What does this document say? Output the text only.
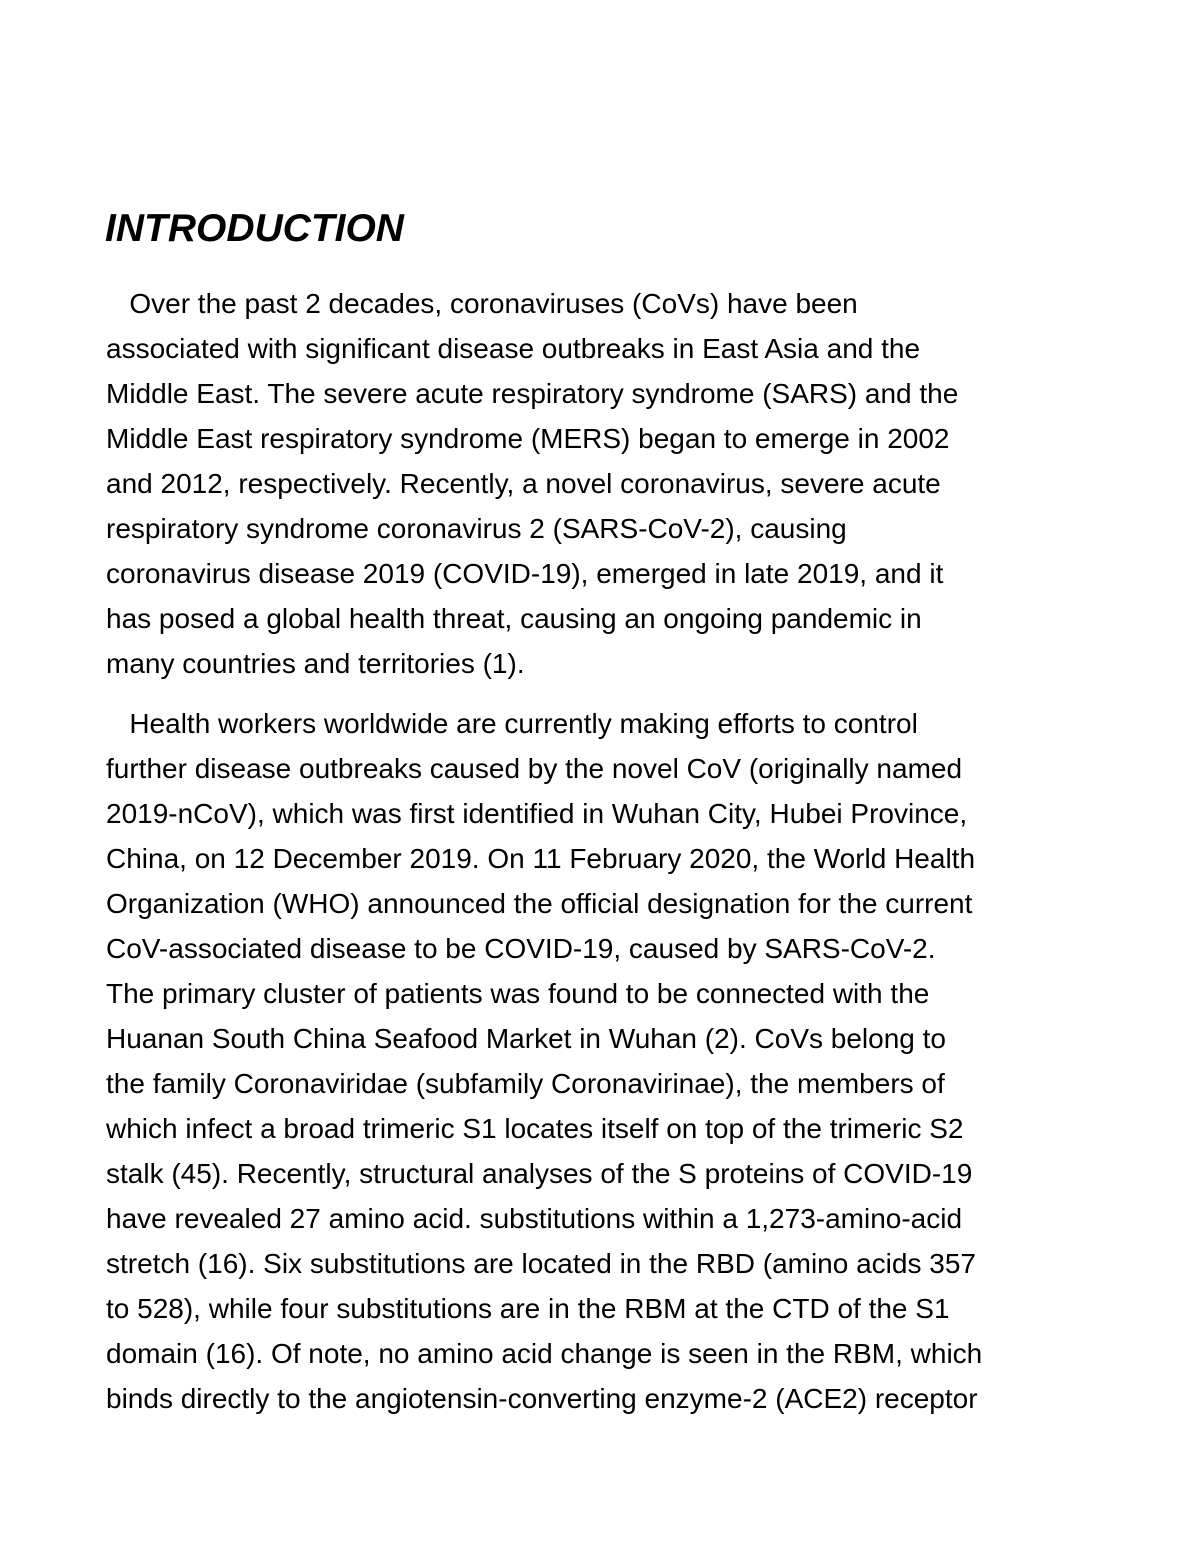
INTRODUCTION
Over the past 2 decades, coronaviruses (CoVs) have been
associated with significant disease outbreaks in East Asia and the
Middle East. The severe acute respiratory syndrome (SARS) and the
Middle East respiratory syndrome (MERS) began to emerge in 2002
and 2012, respectively. Recently, a novel coronavirus, severe acute
respiratory syndrome coronavirus 2 (SARS-CoV-2), causing
coronavirus disease 2019 (COVID-19), emerged in late 2019, and it
has posed a global health threat, causing an ongoing pandemic in
many countries and territories (1).
Health workers worldwide are currently making efforts to control
further disease outbreaks caused by the novel CoV (originally named
2019-nCoV), which was first identified in Wuhan City, Hubei Province,
China, on 12 December 2019. On 11 February 2020, the World Health
Organization (WHO) announced the official designation for the current
CoV-associated disease to be COVID-19, caused by SARS-CoV-2.
The primary cluster of patients was found to be connected with the
Huanan South China Seafood Market in Wuhan (2). CoVs belong to
the family Coronaviridae (subfamily Coronavirinae), the members of
which infect a broad trimeric S1 locates itself on top of the trimeric S2
stalk (45). Recently, structural analyses of the S proteins of COVID-19
have revealed 27 amino acid. substitutions within a 1,273-amino-acid
stretch (16). Six substitutions are located in the RBD (amino acids 357
to 528), while four substitutions are in the RBM at the CTD of the S1
domain (16). Of note, no amino acid change is seen in the RBM, which
binds directly to the angiotensin-converting enzyme-2 (ACE2) receptor
